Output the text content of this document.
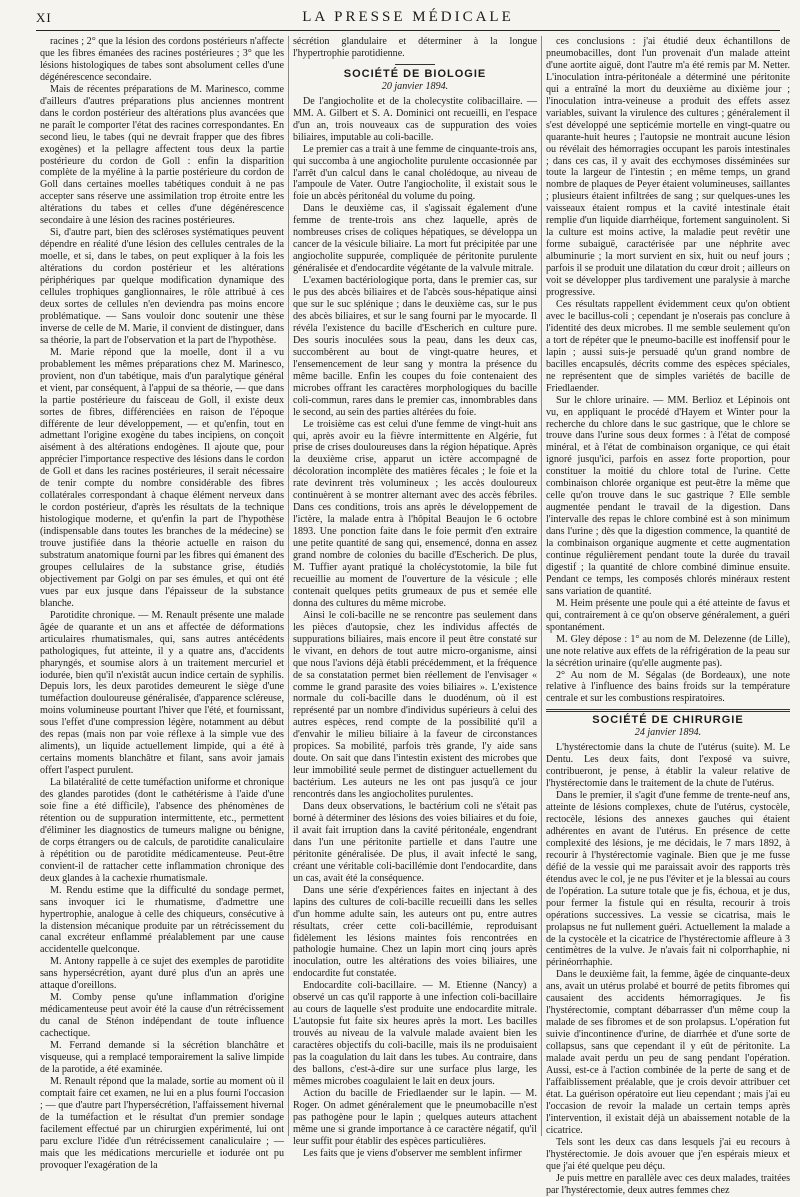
XI	LA PRESSE MÉDICALE

racines ; 2° que la lésion des cordons postérieurs n'affecte que les fibres émanées des racines postérieures ; 3° que les lésions histologiques de tabes sont absolument celles d'une dégénérescence secondaire.

Mais de récentes préparations de M. Marinesco, comme d'ailleurs d'autres préparations plus anciennes montrent dans le cordon postérieur des altérations plus avancées que ne paraît le comporter l'état des racines correspondantes. En second lieu, le tabes (qui ne devrait frapper que des fibres exogènes) et la pellagre affectent tous deux la partie postérieure du cordon de Goll : enfin la disparition complète de la myéline à la partie postérieure du cordon de Goll dans certaines moelles tabétiques conduit à ne pas accepter sans réserve une assimilation trop étroite entre les altérations du tabes et celles d'une dégénérescence secondaire à une lésion des racines postérieures.

Si, d'autre part, bien des scléroses systématiques peuvent dépendre en réalité d'une lésion des cellules centrales de la moelle, et si, dans le tabes, on peut expliquer à la fois les altérations du cordon postérieur et les altérations périphériques par quelque modification dynamique des cellules trophiques ganglionnaires, le rôle attribué à ces deux sortes de cellules n'en deviendra pas moins encore problématique. — Sans vouloir donc soutenir une thèse inverse de celle de M. Marie, il convient de distinguer, dans sa théorie, la part de l'observation et la part de l'hypothèse.

M. Marie répond que la moelle, dont il a vu probablement les mêmes préparations chez M. Marinesco, provient, non d'un tabétique, mais d'un paralytique général et vient, par conséquent, à l'appui de sa théorie, — que dans la partie postérieure du faisceau de Goll, il existe deux sortes de fibres, différenciées en raison de l'époque différente de leur développement, — et qu'enfin, tout en admettant l'origine exogène du tabes incipiens, on conçoit aisément à des altérations endogènes. Il ajoute que, pour apprécier l'importance respective des lésions dans le cordon de Goll et dans les racines postérieures, il serait nécessaire de tenir compte du nombre considérable des fibres collatérales correspondant à chaque élément nerveux dans le cordon postérieur, d'après les résultats de la technique histologique moderne, et qu'enfin la part de l'hypothèse (indispensable dans toutes les branches de la médecine) se trouve justifiée dans la théorie actuelle en raison du substratum anatomique fourni par les fibres qui émanent des groupes cellulaires de la substance grise, étudiés objectivement par Golgi on par ses émules, et qui ont été vues par eux jusque dans l'épaisseur de la substance blanche.

Parotidite chronique. — M. Renault présente une malade âgée de quarante et un ans et affectée de déformations articulaires rhumatismales, qui, sans autres antécédents pathologiques, fut atteinte, il y a quatre ans, d'accidents pharyngés, et soumise alors à un traitement mercuriel et iodurée, bien qu'il n'existât aucun indice certain de syphilis. Depuis lors, les deux parotides demeurent le siège d'une tuméfaction douloureuse généralisée, d'apparence scléreuse, moins volumineuse pourtant l'hiver que l'été, et fournissant, sous l'effet d'une compression légère, notamment au début des repas (mais non par voie réflexe à la simple vue des aliments), un liquide actuellement limpide, qui a été à certains moments blanchâtre et filant, sans avoir jamais offert l'aspect purulent.

La bilatéralité de cette tuméfaction uniforme et chronique des glandes parotides (dont le cathétérisme à l'aide d'une soie fine a été difficile), l'absence des phénomènes de rétention ou de suppuration intermittente, etc., permettent d'éliminer les diagnostics de tumeurs maligne ou bénigne, de corps étrangers ou de calculs, de parotidite canaliculaire à répétition ou de parotidite médicamenteuse. Peut-être convient-il de rattacher cette inflammation chronique des deux glandes à la cachexie rhumatismale.

M. Rendu estime que la difficulté du sondage permet, sans invoquer ici le rhumatisme, d'admettre une hypertrophie, analogue à celle des chiqueurs, consécutive à la distension mécanique produite par un rétrécissement du canal excréteur enflammé préalablement par une cause accidentelle quelconque.

M. Antony rappelle à ce sujet des exemples de parotidite sans hypersécrétion, ayant duré plus d'un an après une attaque d'oreillons.

M. Comby pense qu'une inflammation d'origine médicamenteuse peut avoir été la cause d'un rétrécissement du canal de Sténon indépendant de toute influence cachectique.

M. Ferrand demande si la sécrétion blanchâtre et visqueuse, qui a remplacé temporairement la salive limpide de la parotide, a été examinée.

M. Renault répond que la malade, sortie au moment où il comptait faire cet examen, ne lui en a plus fourni l'occasion ; — que d'autre part l'hypersécrétion, l'affaissement hivernal de la tuméfaction et le résultat d'un premier sondage facilement effectué par un chirurgien expérimenté, lui ont paru exclure l'idée d'un rétrécissement canaliculaire ; — mais que les médications mercurielle et iodurée ont pu provoquer l'exagération de la

sécrétion glandulaire et déterminer à la longue l'hypertrophie parotidienne.

SOCIÉTÉ DE BIOLOGIE
20 janvier 1894.

De l'angiocholite et de la cholecystite colibacillaire. — MM. A. Gilbert et S. A. Dominici ont recueilli, en l'espace d'un an, trois nouveaux cas de suppuration des voies biliaires, imputable au coli-bacille.

Le premier cas a trait à une femme de cinquante-trois ans, qui succomba à une angiocholite purulente occasionnée par l'arrêt d'un calcul dans le canal cholédoque, au niveau de l'ampoule de Vater. Outre l'angiocholite, il existait sous le foie un abcès péritonéal du volume du poing.

Dans le deuxième cas, il s'agissait également d'une femme de trente-trois ans chez laquelle, après de nombreuses crises de coliques hépatiques, se développa un cancer de la vésicule biliaire. La mort fut précipitée par une angiocholite suppurée, compliquée de péritonite purulente généralisée et d'endocardite végétante de la valvule mitrale.

L'examen bactériologique porta, dans le premier cas, sur le pus des abcès biliaires et de l'abcès sous-hépatique ainsi que sur le suc splénique ; dans le deuxième cas, sur le pus des abcès biliaires, et sur le sang fourni par le myocarde. Il révéla l'existence du bacille d'Escherich en culture pure. Des souris inoculées sous la peau, dans les deux cas, succombèrent au bout de vingt-quatre heures, et l'ensemencement de leur sang y montra la présence du même bacille. Enfin les coupes du foie contenaient des microbes offrant les caractères morphologiques du bacille coli-commun, rares dans le premier cas, innombrables dans le second, au sein des parties altérées du foie.

Le troisième cas est celui d'une femme de vingt-huit ans qui, après avoir eu la fièvre intermittente en Algérie, fut prise de crises douloureuses dans la région hépatique. Après la deuxième crise, apparut un ictère accompagné de décoloration incomplète des matières fécales ; le foie et la rate devinrent très volumineux ; les accès douloureux continuèrent à se montrer alternant avec des accès fébriles. Dans ces conditions, trois ans après le développement de l'ictère, la malade entra à l'hôpital Beaujon le 6 octobre 1893. Une ponction faite dans le foie permit d'en extraire une petite quantité de sang qui, ensemencé, donna en assez grand nombre de colonies du bacille d'Escherich. De plus, M. Tuffier ayant pratiqué la cholécystotomie, la bile fut recueillie au moment de l'ouverture de la vésicule ; elle contenait quelques petits grumeaux de pus et semée elle donna des cultures du même microbe.

Ainsi le coli-bacille ne se rencontre pas seulement dans les pièces d'autopsie, chez les individus affectés de suppurations biliaires, mais encore il peut être constaté sur le vivant, en dehors de tout autre micro-organisme, ainsi que nous l'avions déjà établi précédemment, et la fréquence de sa constatation permet bien réellement de l'envisager « comme le grand parasite des voies biliaires ». L'existence normale du coli-bacille dans le duodénum, où il est représenté par un nombre d'individus supérieurs à celui des autres espèces, rend compte de la possibilité qu'il a d'envahir le milieu biliaire à la faveur de circonstances propices. Sa mobilité, parfois très grande, l'y aide sans doute. On sait que dans l'intestin existent des microbes que leur immobilité seule permet de distinguer actuellement du bactérium. Les auteurs ne les ont pas jusqu'à ce jour rencontrés dans les angiocholites purulentes.

Dans deux observations, le bactérium coli ne s'était pas borné à déterminer des lésions des voies biliaires et du foie, il avait fait irruption dans la cavité péritonéale, engendrant dans l'un une péritonite partielle et dans l'autre une péritonite généralisée. De plus, il avait infecté le sang, créant une véritable coli-bacillémie dont l'endocardite, dans un cas, avait été la conséquence.

Dans une série d'expériences faites en injectant à des lapins des cultures de coli-bacille recueilli dans les selles d'un homme adulte sain, les auteurs ont pu, entre autres résultats, créer cette coli-bacillémie, reproduisant fidèlement les lésions maintes fois rencontrées en pathologie humaine. Chez un lapin mort cinq jours après inoculation, outre les altérations des voies biliaires, une endocardite fut constatée.

Endocardite coli-bacillaire. — M. Etienne (Nancy) a observé un cas qu'il rapporte à une infection coli-bacillaire au cours de laquelle s'est produite une endocardite mitrale. L'autopsie fut faite six heures après la mort. Les bacilles trouvés au niveau de la valvule malade avaient bien les caractères objectifs du coli-bacille, mais ils ne produisaient pas la coagulation du lait dans les tubes. Au contraire, dans des ballons, c'est-à-dire sur une surface plus large, les mêmes microbes coagulaient le lait en deux jours.

Action du bacille de Friedlaender sur le lapin. — M. Roger. On admet généralement que le pneumobacille n'est pas pathogène pour le lapin ; quelques auteurs attachent même une si grande importance à ce caractère négatif, qu'il leur suffit pour établir des espèces particulières.

Les faits que je viens d'observer me semblent infirmer

ces conclusions : j'ai étudié deux échantillons de pneumobacilles, dont l'un provenait d'un malade atteint d'une aortite aiguë, dont l'autre m'a été remis par M. Netter. L'inoculation intra-péritonéale a déterminé une péritonite qui a entraîné la mort du deuxième au dixième jour ; l'inoculation intra-veineuse a produit des effets assez variables, suivant la virulence des cultures ; généralement il s'est développé une septicémie mortelle en vingt-quatre ou quarante-huit heures ; l'autopsie ne montrait aucune lésion ou révélait des hémorragies occupant les parois intestinales ; dans ces cas, il y avait des ecchymoses disséminées sur toute la largeur de l'intestin ; en même temps, un grand nombre de plaques de Peyer étaient volumineuses, saillantes ; plusieurs étaient infiltrées de sang ; sur quelques-unes les vaisseaux étaient rompus et la cavité intestinale était remplie d'un liquide diarrhéique, fortement sanguinolent. Si la culture est moins active, la maladie peut revêtir une forme subaiguë, caractérisée par une néphrite avec albuminurie ; la mort survient en six, huit ou neuf jours ; parfois il se produit une dilatation du cœur droit ; ailleurs on voit se développer plus tardivement une paralysie à marche progressive.

Ces résultats rappellent évidemment ceux qu'on obtient avec le bacillus-coli ; cependant je n'oserais pas conclure à l'identité des deux microbes. Il me semble seulement qu'on a tort de répéter que le pneumo-bacille est inoffensif pour le lapin ; aussi suis-je persuadé qu'un grand nombre de bacilles encapsulés, décrits comme des espèces spéciales, ne représentent que de simples variétés de bacille de Friedlaender.

Sur le chlore urinaire. — MM. Berlioz et Lépinois ont vu, en appliquant le procédé d'Hayem et Winter pour la recherche du chlore dans le suc gastrique, que le chlore se trouve dans l'urine sous deux formes : à l'état de composé minéral, et à l'état de combinaison organique, ce qui était ignoré jusqu'ici, parfois en assez forte proportion, pour constituer la moitié du chlore total de l'urine. Cette combinaison chlorée organique est peut-être la même que celle qu'on trouve dans le suc gastrique ? Elle semble augmentée pendant le travail de la digestion. Dans l'intervalle des repas le chlore combiné est à son minimum dans l'urine ; dès que la digestion commence, la quantité de la combinaison organique augmente et cette augmentation continue régulièrement pendant toute la durée du travail digestif ; la quantité de chlore combiné diminue ensuite. Pendant ce temps, les composés chlorés minéraux restent sans variation de quantité.

M. Heim présente une poule qui a été atteinte de favus et qui, contrairement à ce qu'on observe généralement, a guéri spontanément.

M. Gley dépose : 1° au nom de M. Delezenne (de Lille), une note relative aux effets de la réfrigération de la peau sur la sécrétion urinaire (qu'elle augmente pas).

2° Au nom de M. Ségalas (de Bordeaux), une note relative à l'influence des bains froids sur la température centrale et sur les combustions respiratoires.

SOCIÉTÉ DE CHIRURGIE
24 janvier 1894.

L'hystérectomie dans la chute de l'utérus (suite). M. Le Dentu. Les deux faits, dont l'exposé va suivre, contribueront, je pense, à établir la valeur relative de l'hystérectomie dans le traitement de la chute de l'utérus.

Dans le premier, il s'agit d'une femme de trente-neuf ans, atteinte de lésions complexes, chute de l'utérus, cystocèle, rectocèle, lésions des annexes gauches qui étaient adhérentes en avant de l'utérus. En présence de cette complexité des lésions, je me décidais, le 7 mars 1892, à recourir à l'hystérectomie vaginale. Bien que je me fusse défié de la vessie qui me paraissait avoir des rapports très étendus avec le col, je ne pus l'éviter et je la blessai au cours de l'opération. La suture totale que je fis, échoua, et je dus, pour fermer la fistule qui en résulta, recourir à trois opérations successives. La vessie se cicatrisa, mais le prolapsus ne fut nullement guéri. Actuellement la malade a de la cystocèle et la cicatrice de l'hystérectomie affleure à 3 centimètres de la vulve. Je n'avais fait ni colporrhaphie, ni périnéorrhaphie.

Dans le deuxième fait, la femme, âgée de cinquante-deux ans, avait un utérus prolabé et bourré de petits fibromes qui causaient des accidents hémorragiques. Je fis l'hystérectomie, comptant débarrasser d'un même coup la malade de ses fibromes et de son prolapsus. L'opération fut suivie d'incontinence d'urine, de diarrhée et d'une sorte de collapsus, sans que cependant il y eût de péritonite. La malade avait perdu un peu de sang pendant l'opération. Aussi, est-ce à l'action combinée de la perte de sang et de l'affaiblissement préalable, que je crois devoir attribuer cet état. La guérison opératoire eut lieu cependant ; mais j'ai eu l'occasion de revoir la malade un certain temps après l'intervention, il existait déjà un abaissement notable de la cicatrice.

Tels sont les deux cas dans lesquels j'ai eu recours à l'hystérectomie. Je dois avouer que j'en espérais mieux et que j'ai été quelque peu déçu.

Je puis mettre en parallèle avec ces deux malades, traitées par l'hystérectomie, deux autres femmes chez
